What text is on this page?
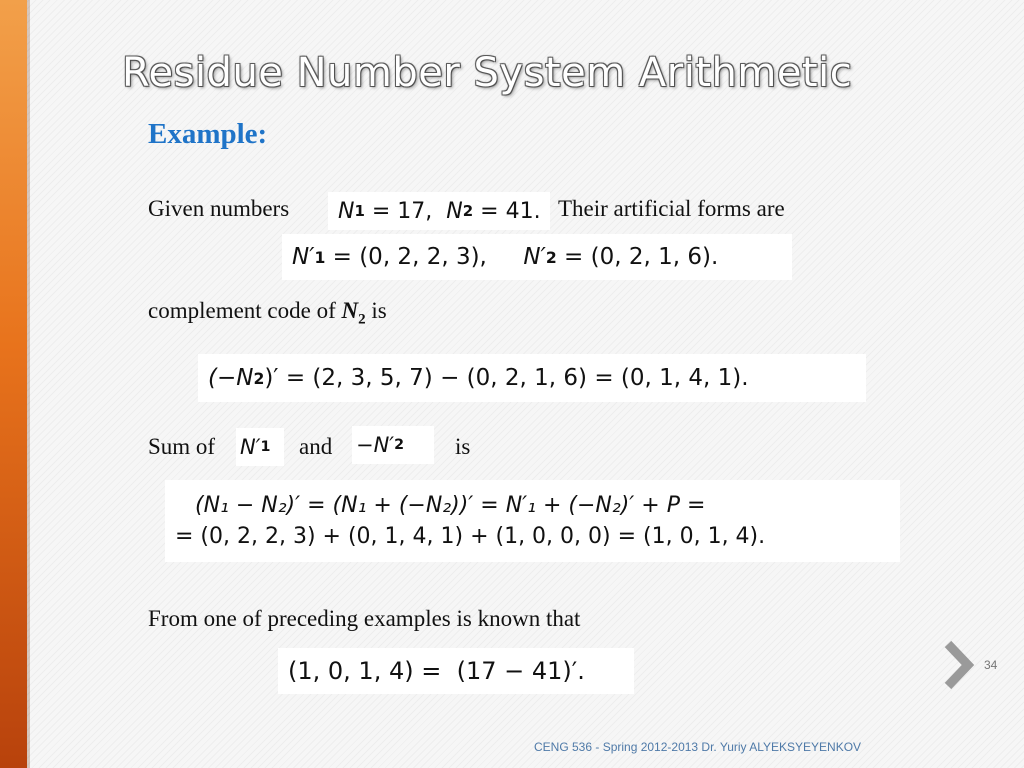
Residue Number System Arithmetic
Example:
Given numbers N 1 = 17, N 2 = 41. Their artificial forms are
N′ 1 = (0, 2, 2, 3), N′ 2 = (0, 2, 1, 6).
complement code of $N_2$ is
(−N 2 )′ = (2, 3, 5, 7) − (0, 2, 1, 6) = (0, 1, 4, 1).
Sum of N′ 1 and −N′ 2 is
(N₁ − N₂)′ = (N₁ + (−N₂))′ = N′₁ + (−N₂)′ + P =
= (0, 2, 2, 3) + (0, 1, 4, 1) + (1, 0, 0, 0) = (1, 0, 1, 4).
From one of preceding examples is known that
(1, 0, 1, 4) =  (17 − 41)′.	34
CENG 536 - Spring 2012-2013 Dr. Yuriy ALYEKSYEYENKOV
